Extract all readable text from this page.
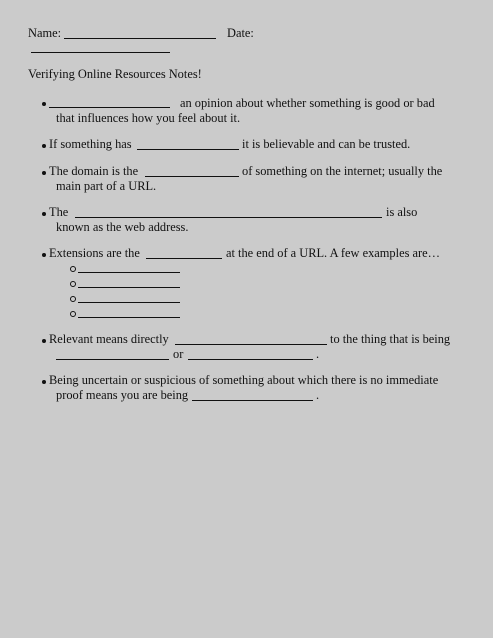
Name:	Date:
Verifying Online Resources Notes!
an opinion about whether something is good or bad
that influences how you feel about it.
If something has	it is believable and can be trusted.
The domain is the	of something on the internet; usually the
main part of a URL.
The	is also
known as the web address.
Extensions are the	at the end of a URL. A few examples are…
Relevant means directly	to the thing that is being
or	.
Being uncertain or suspicious of something about which there is no immediate
proof means you are being	.
